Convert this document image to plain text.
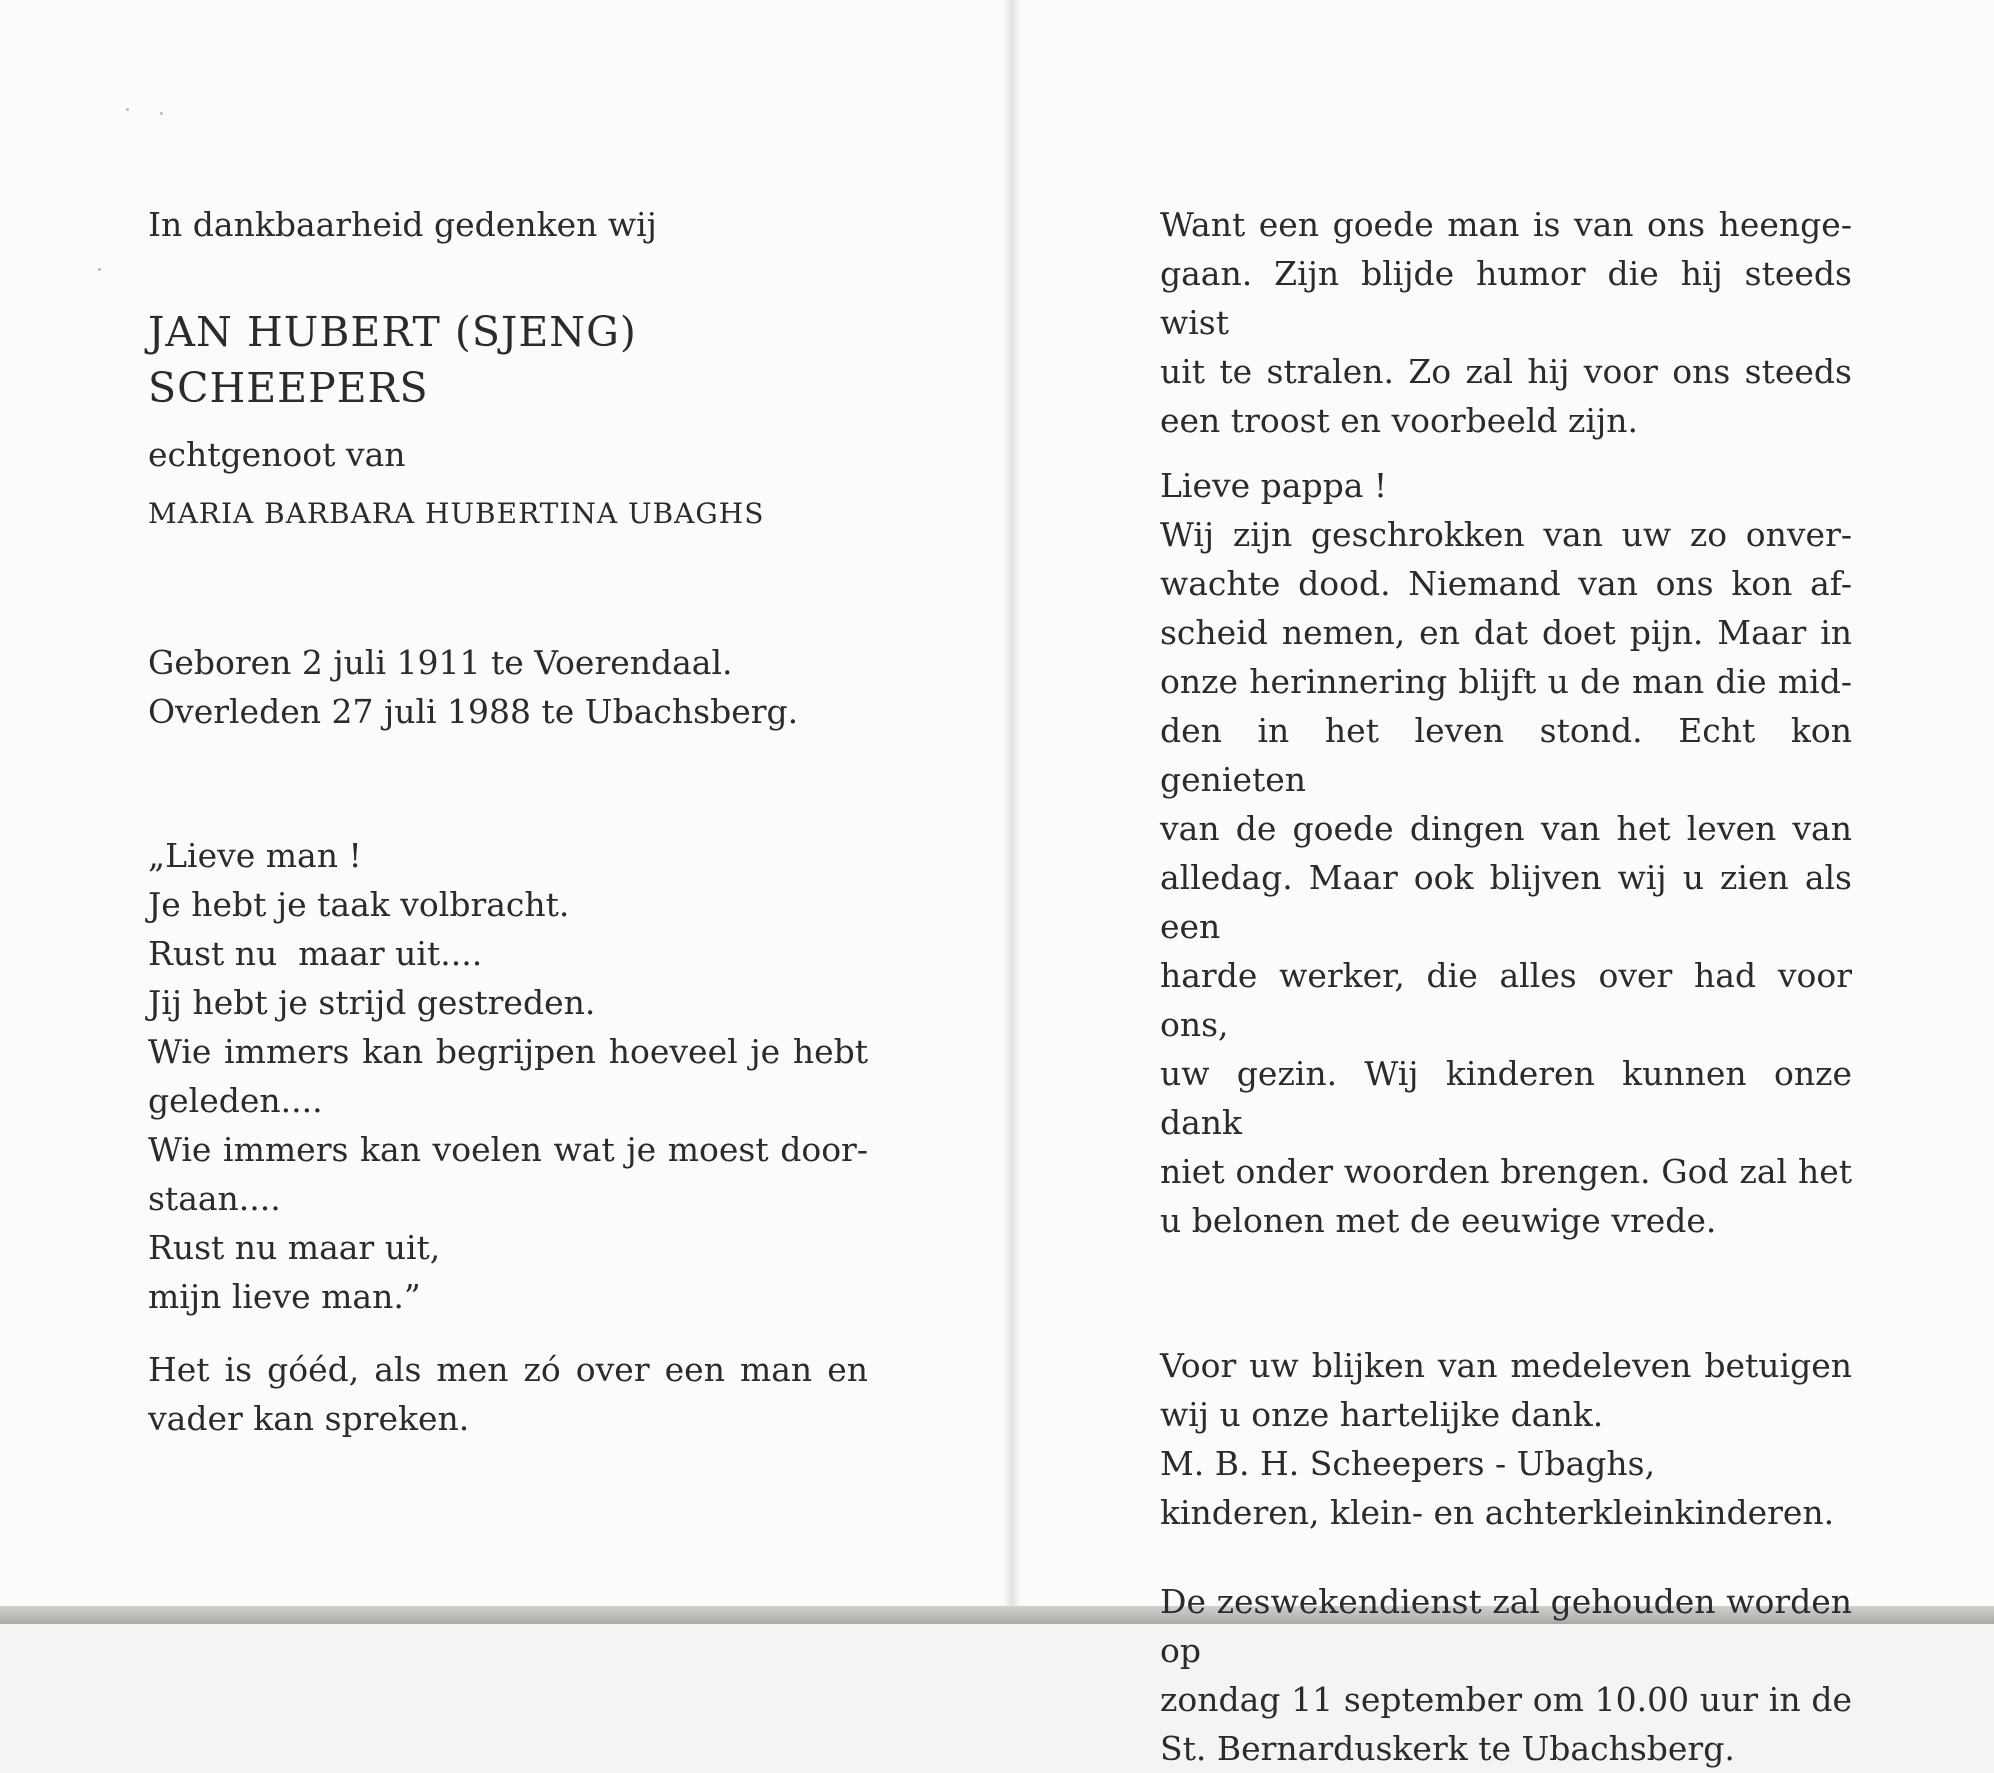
In dankbaarheid gedenken wij

JAN HUBERT (SJENG)
SCHEEPERS

echtgenoot van

MARIA BARBARA HUBERTINA UBAGHS

Geboren 2 juli 1911 te Voerendaal.
Overleden 27 juli 1988 te Ubachsberg.

„Lieve man !
Je hebt je taak volbracht.
Rust nu  maar uit....
Jij hebt je strijd gestreden.
Wie immers kan begrijpen hoeveel je hebt
geleden....
Wie immers kan voelen wat je moest door-
staan....
Rust nu maar uit,
mijn lieve man.”

Het is góéd, als men zó over een man en
vader kan spreken.

Want een goede man is van ons heenge-
gaan. Zijn blijde humor die hij steeds wist
uit te stralen. Zo zal hij voor ons steeds
een troost en voorbeeld zijn.

Lieve pappa !

Wij zijn geschrokken van uw zo onver-
wachte dood. Niemand van ons kon af-
scheid nemen, en dat doet pijn. Maar in
onze herinnering blijft u de man die mid-
den in het leven stond. Echt kon genieten
van de goede dingen van het leven van
alledag. Maar ook blijven wij u zien als een
harde werker, die alles over had voor ons,
uw gezin. Wij kinderen kunnen onze dank
niet onder woorden brengen. God zal het
u belonen met de eeuwige vrede.

Voor uw blijken van medeleven betuigen
wij u onze hartelijke dank.
M. B. H. Scheepers - Ubaghs,
kinderen, klein- en achterkleinkinderen.

De zeswekendienst zal gehouden worden op
zondag 11 september om 10.00 uur in de
St. Bernarduskerk te Ubachsberg.
